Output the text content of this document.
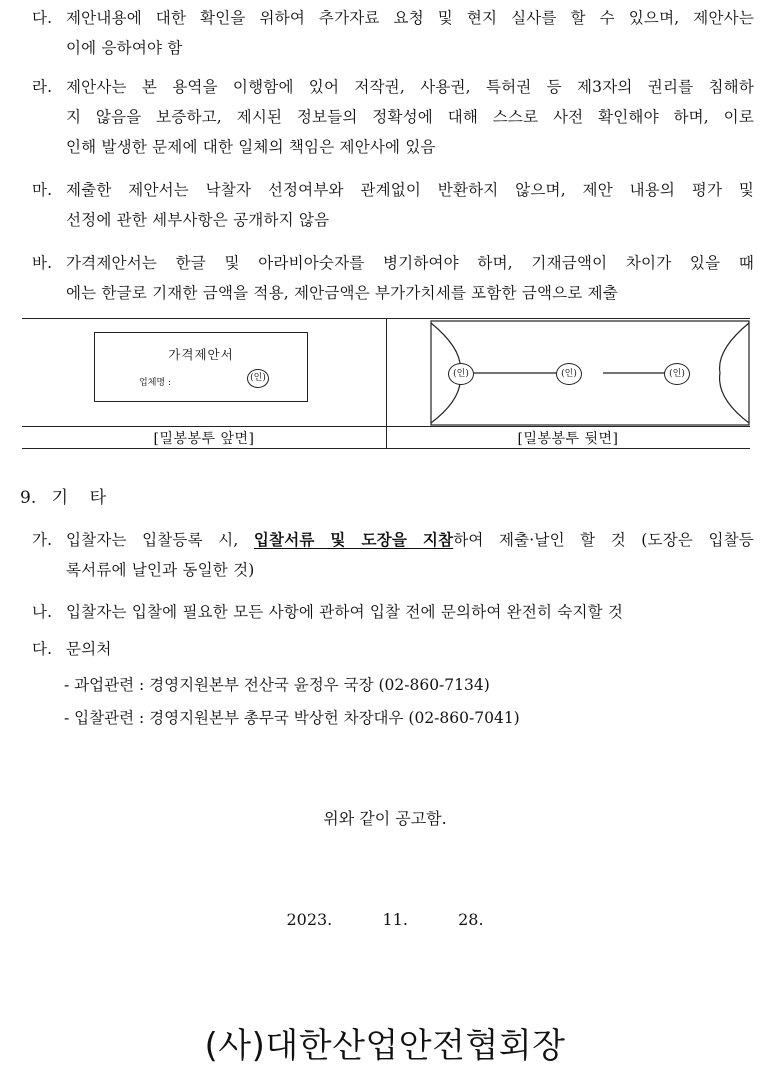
다. 제안내용에 대한 확인을 위하여 추가자료 요청 및 현지 실사를 할 수 있으며, 제안사는
이에 응하여야 함
라. 제안사는 본 용역을 이행함에 있어 저작권, 사용권, 특허권 등 제3자의 권리를 침해하
지 않음을 보증하고, 제시된 정보들의 정확성에 대해 스스로 사전 확인해야 하며, 이로
인해 발생한 문제에 대한 일체의 책임은 제안사에 있음
마. 제출한 제안서는 낙찰자 선정여부와 관계없이 반환하지 않으며, 제안 내용의 평가 및
선정에 관한 세부사항은 공개하지 않음
바. 가격제안서는 한글 및 아라비아숫자를 병기하여야 하며, 기재금액이 차이가 있을 때
에는 한글로 기재한 금액을 적용, 제안금액은 부가가치세를 포함한 금액으로 제출
가격제안서
업체명 :	(인)	(인)	(인)	(인)
[밀봉봉투 앞면]	[밀봉봉투 뒷면]
9. 기    타
가. 입찰자는 입찰등록 시, 입찰서류 및 도장을 지참하여 제출·날인 할 것 (도장은 입찰등
록서류에 날인과 동일한 것)
나. 입찰자는 입찰에 필요한 모든 사항에 관하여 입찰 전에 문의하여 완전히 숙지할 것
다. 문의처
- 과업관련 : 경영지원본부 전산국 윤정우 국장 (02-860-7134)
- 입찰관련 : 경영지원본부 총무국 박상헌 차장대우 (02-860-7041)
위와 같이 공고함.
2023.	11.	28.
(사)대한산업안전협회장
